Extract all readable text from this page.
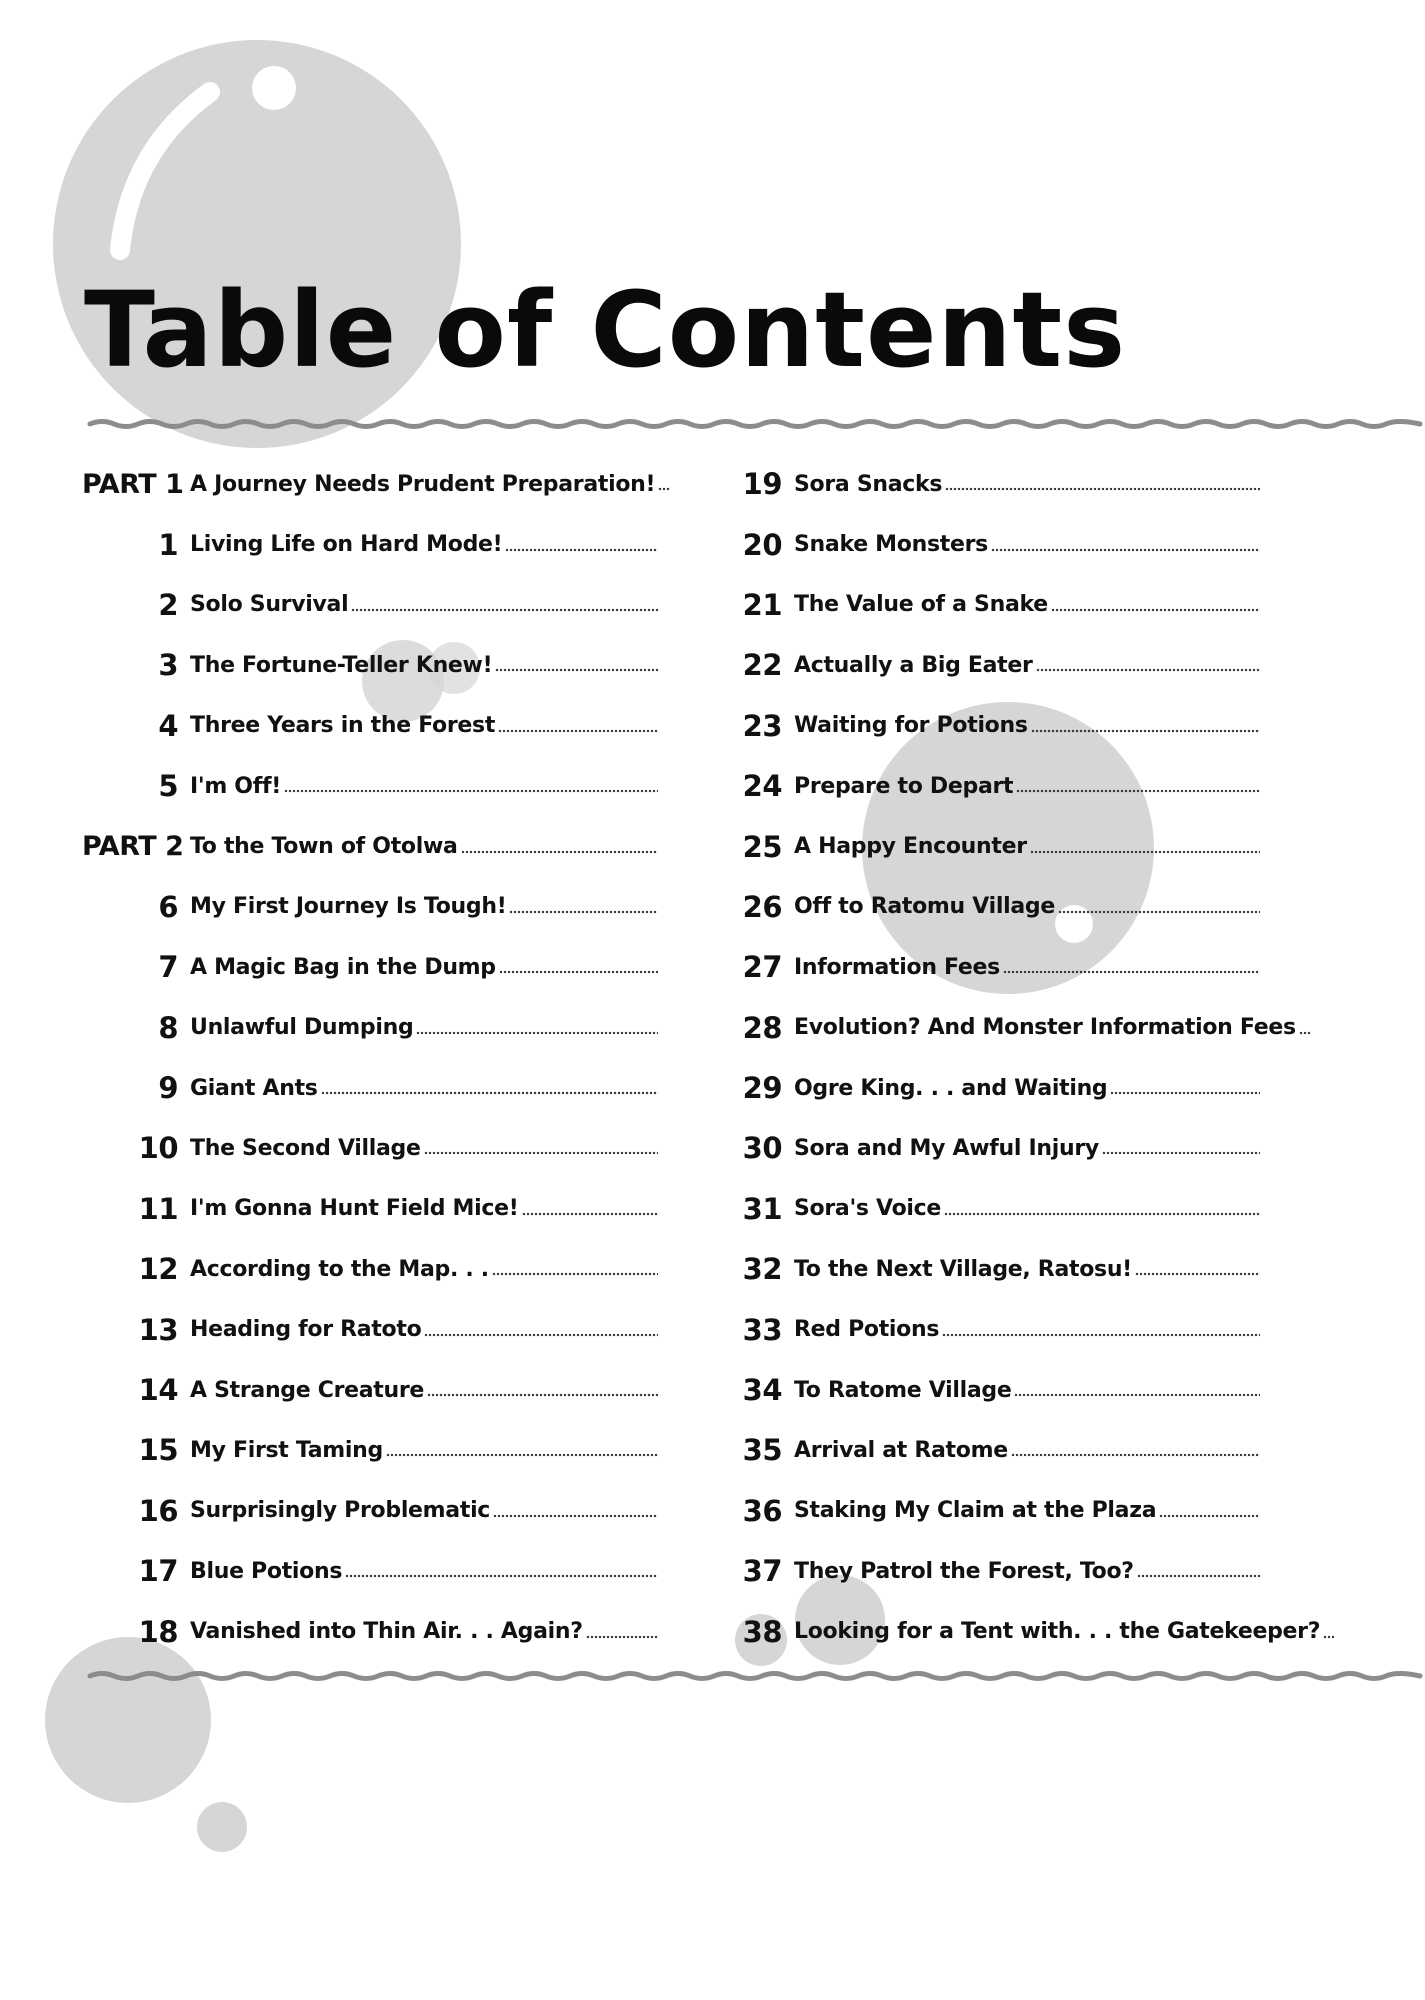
Table of Contents
PART 1 A Journey Needs Prudent Preparation!
1 Living Life on Hard Mode!
2 Solo Survival
3 The Fortune-Teller Knew!
4 Three Years in the Forest
5 I'm Off!
PART 2 To the Town of Otolwa
6 My First Journey Is Tough!
7 A Magic Bag in the Dump
8 Unlawful Dumping
9 Giant Ants
10 The Second Village
11 I'm Gonna Hunt Field Mice!
12 According to the Map. . .
13 Heading for Ratoto
14 A Strange Creature
15 My First Taming
16 Surprisingly Problematic
17 Blue Potions
18 Vanished into Thin Air. . . Again?
19 Sora Snacks
20 Snake Monsters
21 The Value of a Snake
22 Actually a Big Eater
23 Waiting for Potions
24 Prepare to Depart
25 A Happy Encounter
26 Off to Ratomu Village
27 Information Fees
28 Evolution? And Monster Information Fees
29 Ogre King. . . and Waiting
30 Sora and My Awful Injury
31 Sora's Voice
32 To the Next Village, Ratosu!
33 Red Potions
34 To Ratome Village
35 Arrival at Ratome
36 Staking My Claim at the Plaza
37 They Patrol the Forest, Too?
38 Looking for a Tent with. . . the Gatekeeper?
